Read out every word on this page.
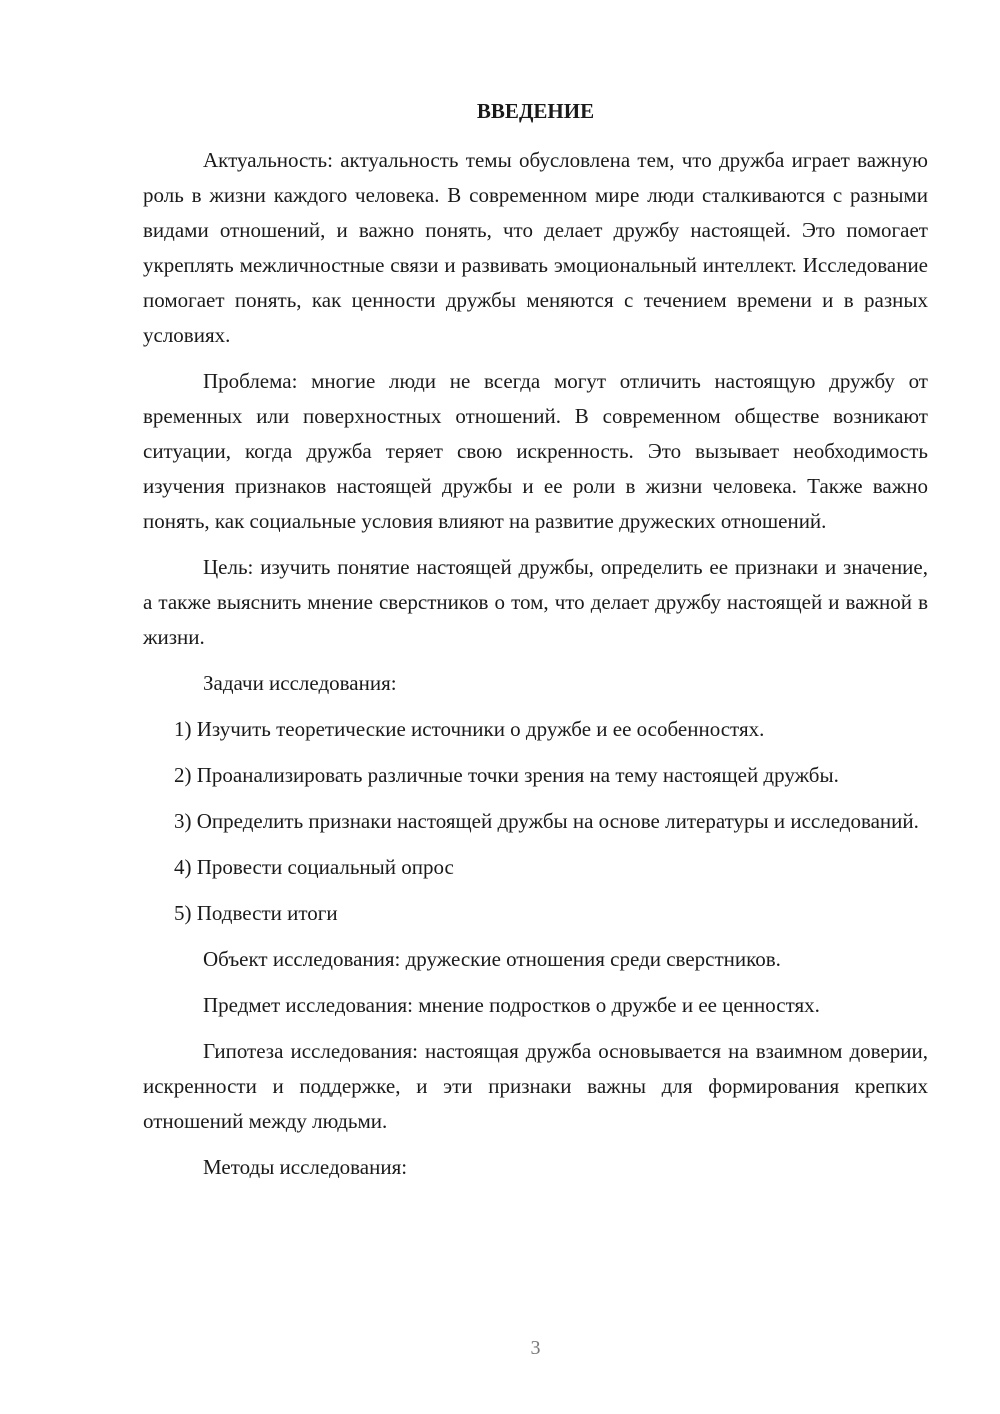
ВВЕДЕНИЕ

Актуальность: актуальность темы обусловлена тем, что дружба играет важную роль в жизни каждого человека. В современном мире люди сталкиваются с разными видами отношений, и важно понять, что делает дружбу настоящей. Это помогает укреплять межличностные связи и развивать эмоциональный интеллект. Исследование помогает понять, как ценности дружбы меняются с течением времени и в разных условиях.

Проблема: многие люди не всегда могут отличить настоящую дружбу от временных или поверхностных отношений. В современном обществе возникают ситуации, когда дружба теряет свою искренность. Это вызывает необходимость изучения признаков настоящей дружбы и ее роли в жизни человека. Также важно понять, как социальные условия влияют на развитие дружеских отношений.

Цель: изучить понятие настоящей дружбы, определить ее признаки и значение, а также выяснить мнение сверстников о том, что делает дружбу настоящей и важной в жизни.

Задачи исследования:

1) Изучить теоретические источники о дружбе и ее особенностях.

2) Проанализировать различные точки зрения на тему настоящей дружбы.

3) Определить признаки настоящей дружбы на основе литературы и исследований.

4) Провести социальный опрос

5) Подвести итоги

Объект исследования: дружеские отношения среди сверстников.

Предмет исследования: мнение подростков о дружбе и ее ценностях.

Гипотеза исследования: настоящая дружба основывается на взаимном доверии, искренности и поддержке, и эти признаки важны для формирования крепких отношений между людьми.

Методы исследования:

3
